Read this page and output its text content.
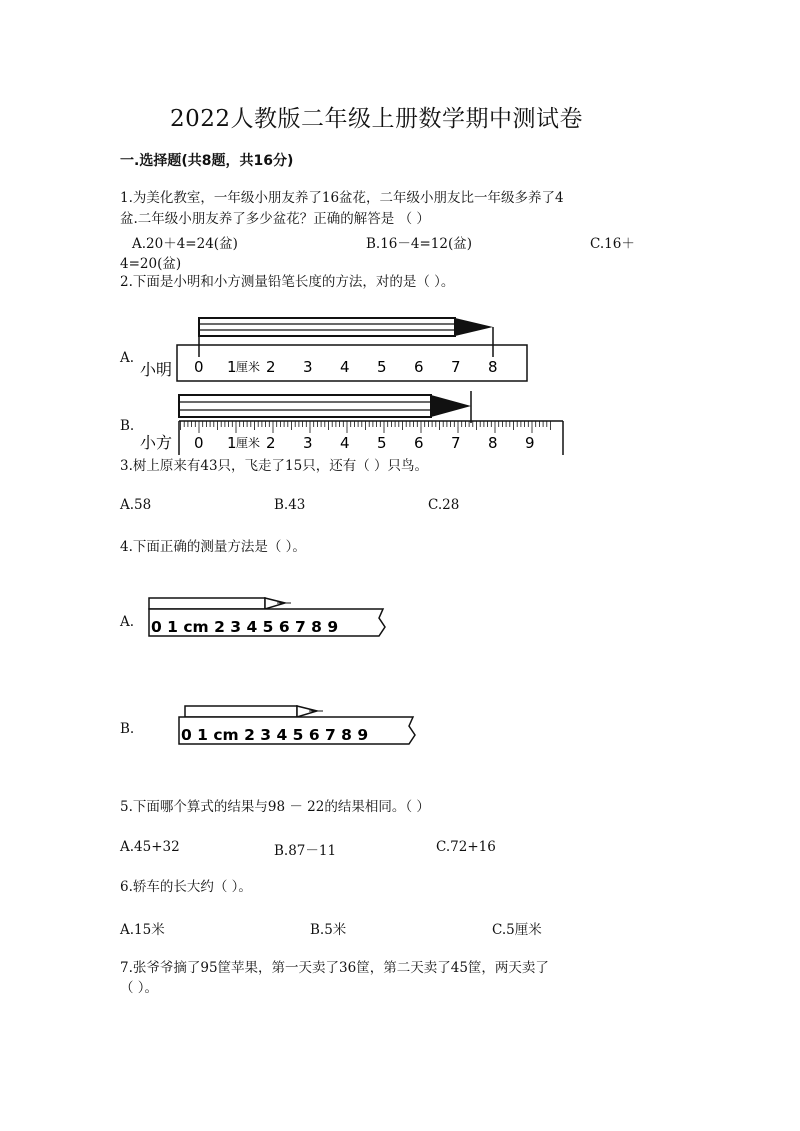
2022人教版二年级上册数学期中测试卷
一.选择题(共8题，共16分)
1.为美化教室，一年级小朋友养了16盆花，二年级小朋友比一年级多养了4
盆.二年级小朋友养了多少盆花？正确的解答是 （ ）
A.20＋4=24(盆)	B.16－4=12(盆)	C.16＋
4=20(盆)
2.下面是小明和小方测量铅笔长度的方法，对的是（ ）。
A.
B.
小明 0 1 厘米 2 3 4 5 6 7 8
小方 0 1 厘米 2 3 4 5 6 7 8 9
3.树上原来有43只，飞走了15只，还有（ ）只鸟。
A.58	B.43	C.28
4.下面正确的测量方法是（ ）。
A. 0 1 cm 2 3 4 5 6 7 8 9
B.	0 1 cm 2 3 4 5 6 7 8 9
5.下面哪个算式的结果与98 － 22的结果相同。（ ）
A.45+32	B.87－11	C.72+16
6.轿车的长大约（ ）。
A.15米	B.5米	C.5厘米
7.张爷爷摘了95筐苹果，第一天卖了36筐，第二天卖了45筐，两天卖了
（ ）。
